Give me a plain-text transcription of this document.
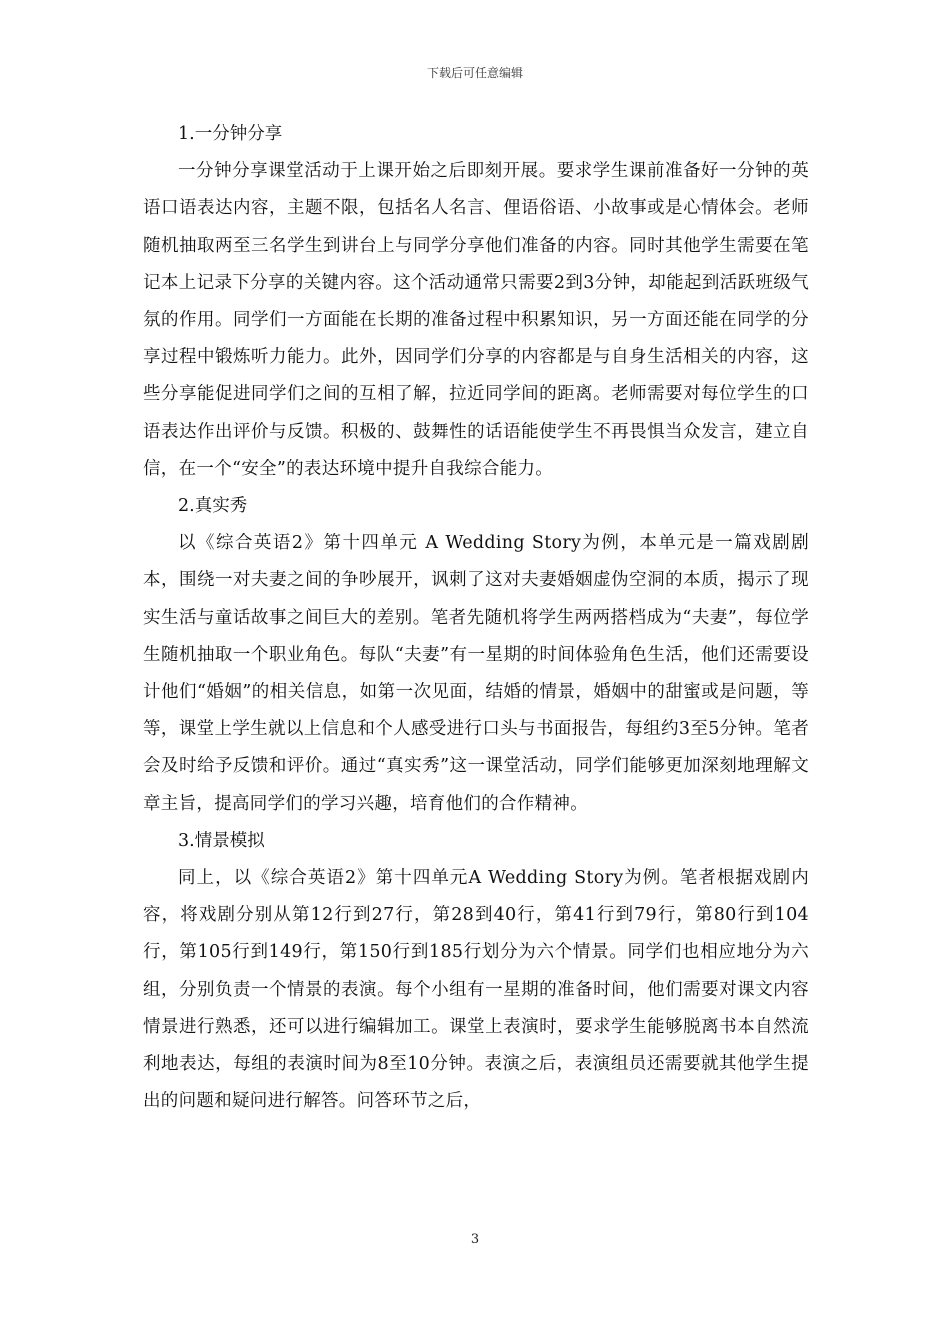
下载后可任意编辑

1.一分钟分享

一分钟分享课堂活动于上课开始之后即刻开展。要求学生课前准备好一分钟的英语口语表达内容，主题不限，包括名人名言、俚语俗语、小故事或是心情体会。老师随机抽取两至三名学生到讲台上与同学分享他们准备的内容。同时其他学生需要在笔记本上记录下分享的关键内容。这个活动通常只需要2到3分钟，却能起到活跃班级气氛的作用。同学们一方面能在长期的准备过程中积累知识，另一方面还能在同学的分享过程中锻炼听力能力。此外，因同学们分享的内容都是与自身生活相关的内容，这些分享能促进同学们之间的互相了解，拉近同学间的距离。老师需要对每位学生的口语表达作出评价与反馈。积极的、鼓舞性的话语能使学生不再畏惧当众发言，建立自信，在一个“安全”的表达环境中提升自我综合能力。

2.真实秀

以《综合英语2》第十四单元 A Wedding Story为例，本单元是一篇戏剧剧本，围绕一对夫妻之间的争吵展开，讽刺了这对夫妻婚姻虚伪空洞的本质，揭示了现实生活与童话故事之间巨大的差别。笔者先随机将学生两两搭档成为“夫妻”，每位学生随机抽取一个职业角色。每队“夫妻”有一星期的时间体验角色生活，他们还需要设计他们“婚姻”的相关信息，如第一次见面，结婚的情景，婚姻中的甜蜜或是问题，等等，课堂上学生就以上信息和个人感受进行口头与书面报告，每组约3至5分钟。笔者会及时给予反馈和评价。通过“真实秀”这一课堂活动，同学们能够更加深刻地理解文章主旨，提高同学们的学习兴趣，培育他们的合作精神。

3.情景模拟

同上，以《综合英语2》第十四单元A Wedding Story为例。笔者根据戏剧内容，将戏剧分别从第12行到27行，第28到40行，第41行到79行，第80行到104行，第105行到149行，第150行到185行划分为六个情景。同学们也相应地分为六组，分别负责一个情景的表演。每个小组有一星期的准备时间，他们需要对课文内容情景进行熟悉，还可以进行编辑加工。课堂上表演时，要求学生能够脱离书本自然流利地表达，每组的表演时间为8至10分钟。表演之后，表演组员还需要就其他学生提出的问题和疑问进行解答。问答环节之后，

3
